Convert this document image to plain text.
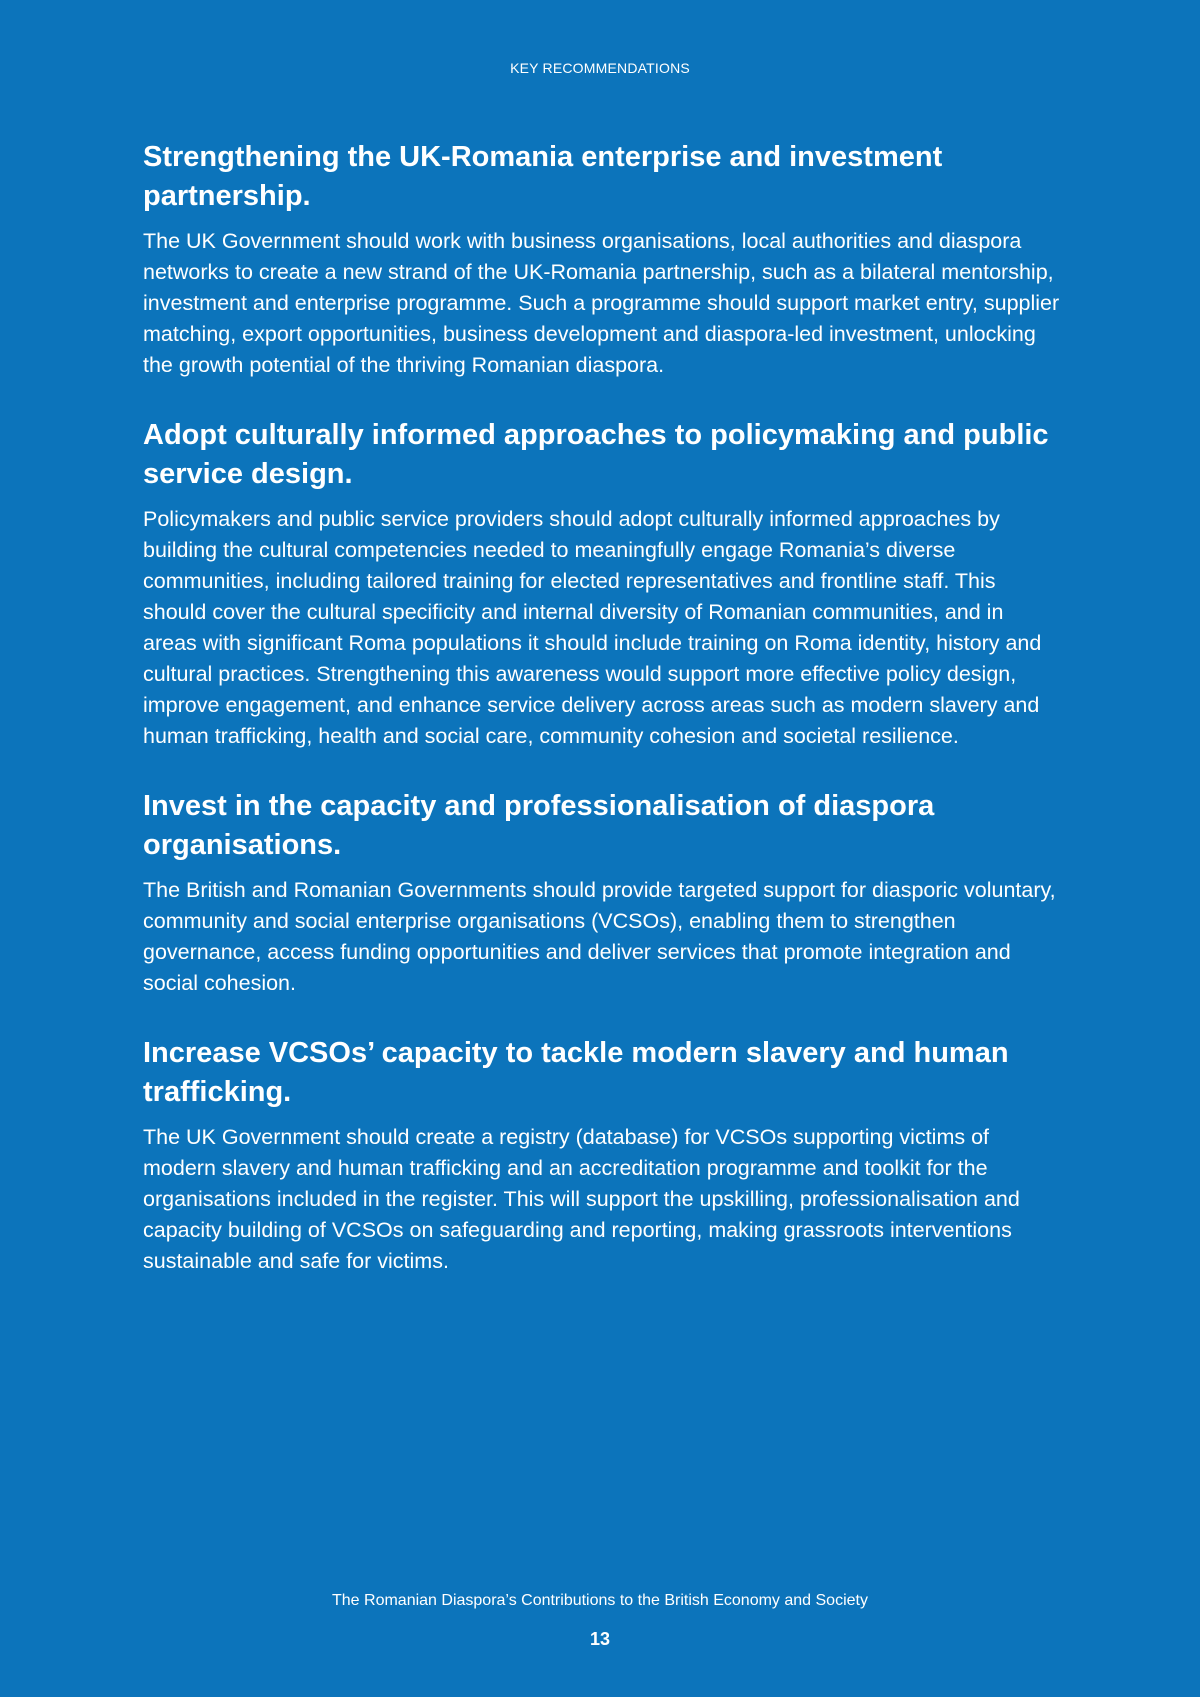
KEY RECOMMENDATIONS
Strengthening the UK-Romania enterprise and investment partnership.

The UK Government should work with business organisations, local authorities and diaspora networks to create a new strand of the UK-Romania partnership, such as a bilateral mentorship, investment and enterprise programme. Such a programme should support market entry, supplier matching, export opportunities, business development and diaspora-led investment, unlocking the growth potential of the thriving Romanian diaspora.

Adopt culturally informed approaches to policymaking and public service design.

Policymakers and public service providers should adopt culturally informed approaches by building the cultural competencies needed to meaningfully engage Romania’s diverse communities, including tailored training for elected representatives and frontline staff. This should cover the cultural specificity and internal diversity of Romanian communities, and in areas with significant Roma populations it should include training on Roma identity, history and cultural practices. Strengthening this awareness would support more effective policy design, improve engagement, and enhance service delivery across areas such as modern slavery and human trafficking, health and social care, community cohesion and societal resilience.

Invest in the capacity and professionalisation of diaspora organisations.

The British and Romanian Governments should provide targeted support for diasporic voluntary, community and social enterprise organisations (VCSOs), enabling them to strengthen governance, access funding opportunities and deliver services that promote integration and social cohesion.

Increase VCSOs’ capacity to tackle modern slavery and human trafficking.

The UK Government should create a registry (database) for VCSOs supporting victims of modern slavery and human trafficking and an accreditation programme and toolkit for the organisations included in the register. This will support the upskilling, professionalisation and capacity building of VCSOs on safeguarding and reporting, making grassroots interventions sustainable and safe for victims.

The Romanian Diaspora’s Contributions to the British Economy and Society
13
